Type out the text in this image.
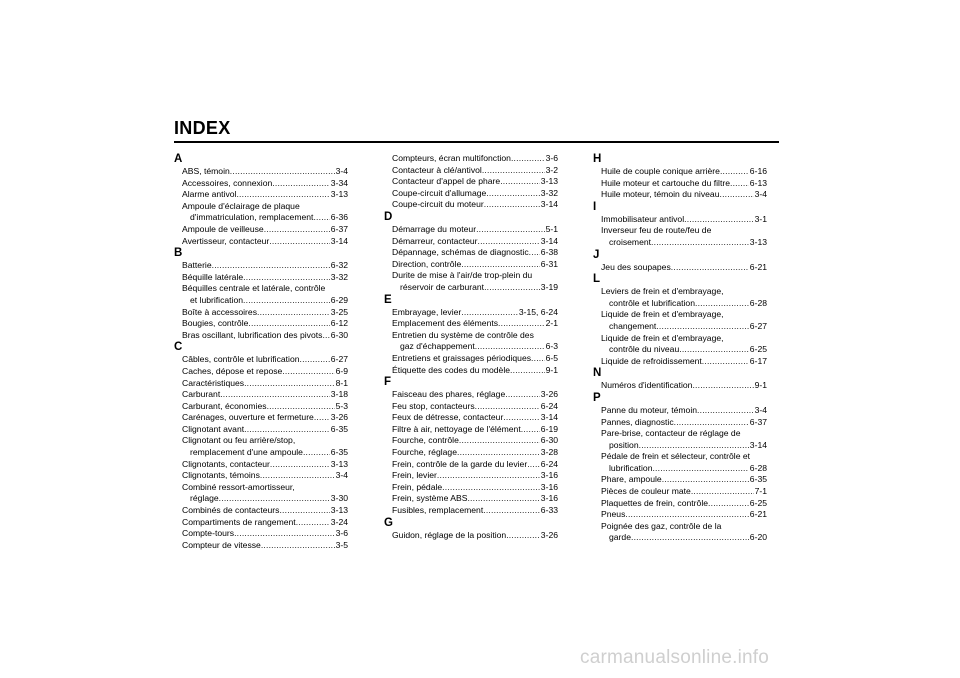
INDEX
A
ABS, témoin .....	3-4
Accessoires, connexion .....	3-34
Alarme antivol .....	3-13
Ampoule d'éclairage de plaque
d'immatriculation, remplacement ..... 6-36
Ampoule de veilleuse .....	6-37
Avertisseur, contacteur .....	3-14
B
Batterie .....	6-32
Béquille latérale .....	3-32
Béquilles centrale et latérale, contrôle
et lubrification .....	6-29
Boîte à accessoires .....	3-25
Bougies, contrôle .....	6-12
Bras oscillant, lubrification des pivots ..... 6-30
C
Câbles, contrôle et lubrification .....	6-27
Caches, dépose et repose .....	6-9
Caractéristiques .....	8-1
Carburant .....	3-18
Carburant, économies .....	5-3
Carénages, ouverture et fermeture ..... 3-26
Clignotant avant .....	6-35
Clignotant ou feu arrière/stop,
remplacement d'une ampoule .....	6-35
Clignotants, contacteur .....	3-13
Clignotants, témoins .....	3-4
Combiné ressort-amortisseur,
réglage .....	3-30
Combinés de contacteurs .....	3-13
Compartiments de rangement .....	3-24
Compte-tours .....	3-6
Compteur de vitesse .....	3-5
Compteurs, écran multifonction .....	3-6
Contacteur à clé/antivol .....	3-2
Contacteur d'appel de phare .....	3-13
Coupe-circuit d'allumage .....	3-32
Coupe-circuit du moteur .....	3-14
D
Démarrage du moteur .....	5-1
Démarreur, contacteur .....	3-14
Dépannage, schémas de diagnostic ..... 6-38
Direction, contrôle .....	6-31
Durite de mise à l'air/de trop-plein du
réservoir de carburant .....	3-19
E
Embrayage, levier .....	3-15, 6-24
Emplacement des éléments .....	2-1
Entretien du système de contrôle des
gaz d'échappement .....	6-3
Entretiens et graissages périodiques ..... 6-5
Étiquette des codes du modèle .....	9-1
F
Faisceau des phares, réglage .....	3-26
Feu stop, contacteurs .....	6-24
Feux de détresse, contacteur .....	3-14
Filtre à air, nettoyage de l'élément ..... 6-19
Fourche, contrôle .....	6-30
Fourche, réglage .....	3-28
Frein, contrôle de la garde du levier ..... 6-24
Frein, levier .....	3-16
Frein, pédale .....	3-16
Frein, système ABS .....	3-16
Fusibles, remplacement .....	6-33
G
Guidon, réglage de la position .....	3-26
H
Huile de couple conique arrière .....	6-16
Huile moteur et cartouche du filtre ..... 6-13
Huile moteur, témoin du niveau .....	3-4
I
Immobilisateur antivol .....	3-1
Inverseur feu de route/feu de
croisement .....	3-13
J
Jeu des soupapes .....	6-21
L
Leviers de frein et d'embrayage,
contrôle et lubrification .....	6-28
Liquide de frein et d'embrayage,
changement .....	6-27
Liquide de frein et d'embrayage,
contrôle du niveau .....	6-25
Liquide de refroidissement .....	6-17
N
Numéros d'identification .....	9-1
P
Panne du moteur, témoin .....	3-4
Pannes, diagnostic .....	6-37
Pare-brise, contacteur de réglage de
position .....	3-14
Pédale de frein et sélecteur, contrôle et
lubrification .....	6-28
Phare, ampoule .....	6-35
Pièces de couleur mate .....	7-1
Plaquettes de frein, contrôle .....	6-25
Pneus .....	6-21
Poignée des gaz, contrôle de la
garde .....	6-20
carmanualsonline.info
